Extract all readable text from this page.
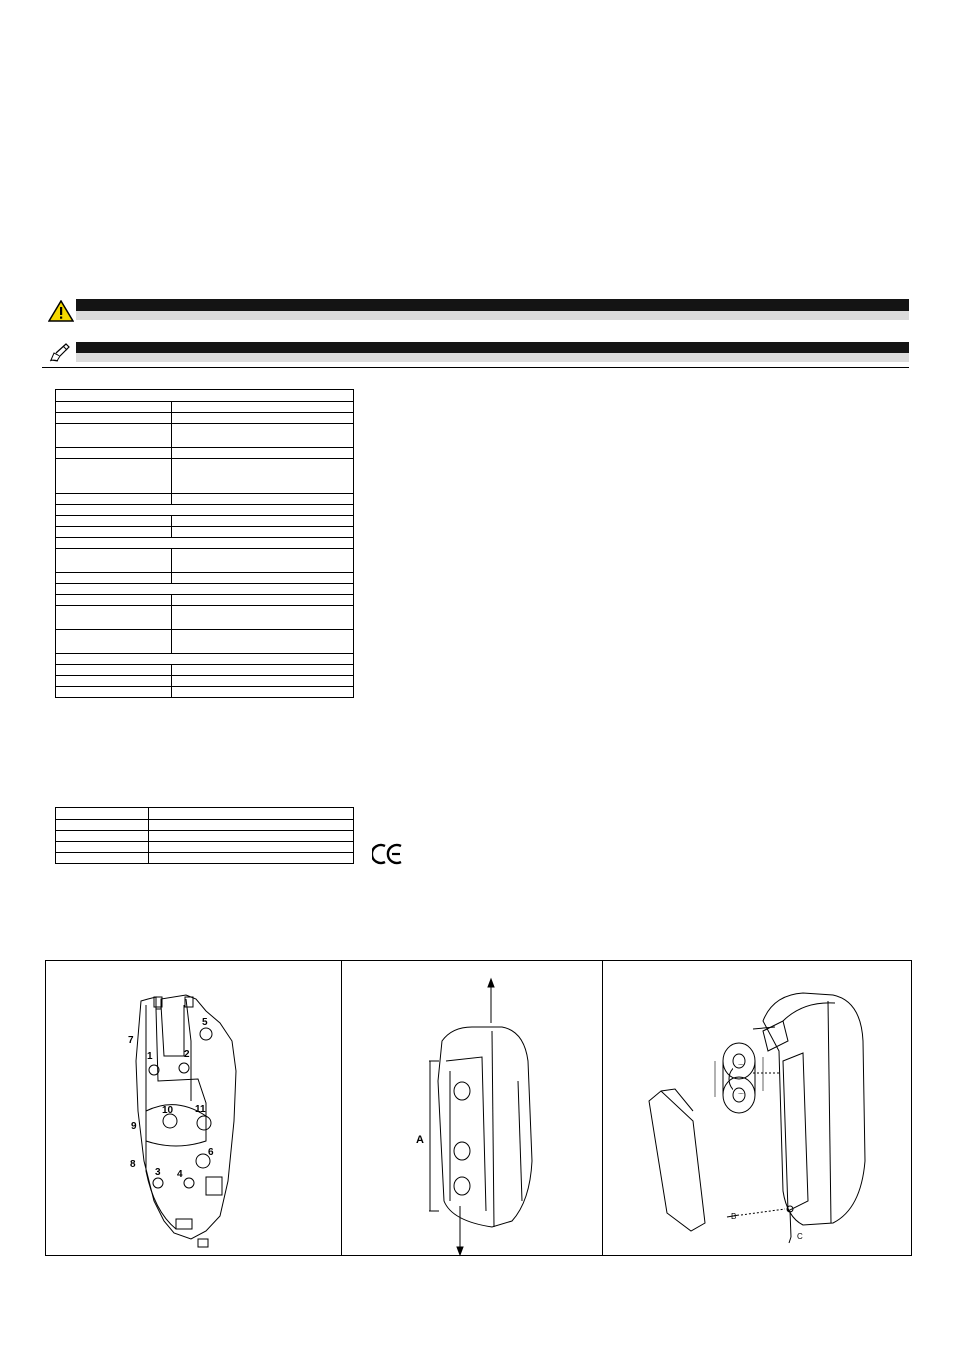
1	2
3 4
5
6
7
8
9
10 11
A
B
C
